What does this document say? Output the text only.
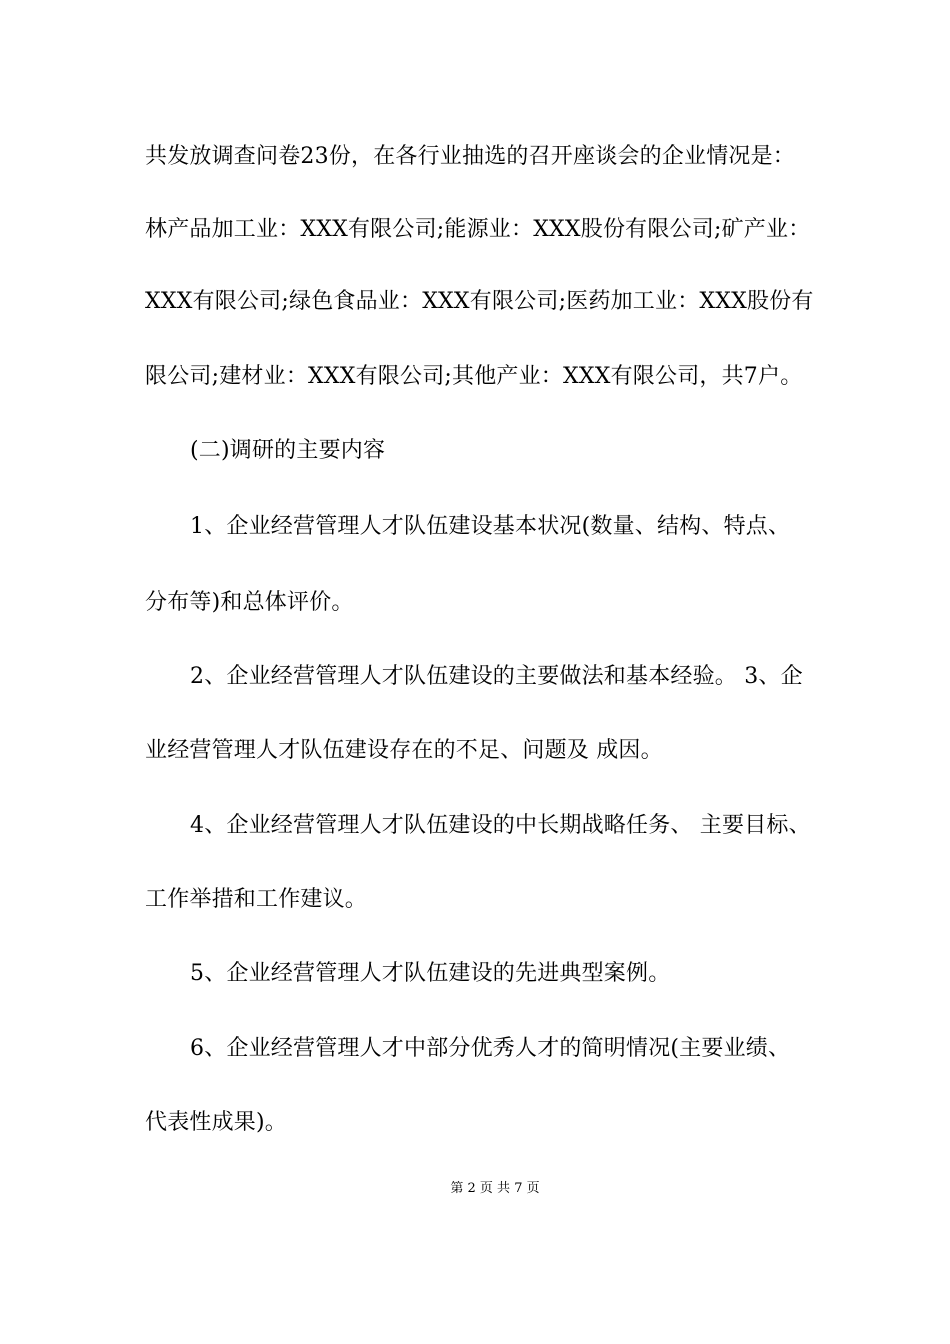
共发放调查问卷23份，在各行业抽选的召开座谈会的企业情况是：
林产品加工业：XXX有限公司;能源业：XXX股份有限公司;矿产业：
XXX有限公司;绿色食品业：XXX有限公司;医药加工业：XXX股份有
限公司;建材业：XXX有限公司;其他产业：XXX有限公司，共7户。
(二)调研的主要内容
1、企业经营管理人才队伍建设基本状况(数量、结构、特点、
分布等)和总体评价。
2、企业经营管理人才队伍建设的主要做法和基本经验。 3、企
业经营管理人才队伍建设存在的不足、问题及 成因。
4、企业经营管理人才队伍建设的中长期战略任务、 主要目标、
工作举措和工作建议。
5、企业经营管理人才队伍建设的先进典型案例。
6、企业经营管理人才中部分优秀人才的简明情况(主要业绩、
代表性成果)。
第 2 页 共 7 页
